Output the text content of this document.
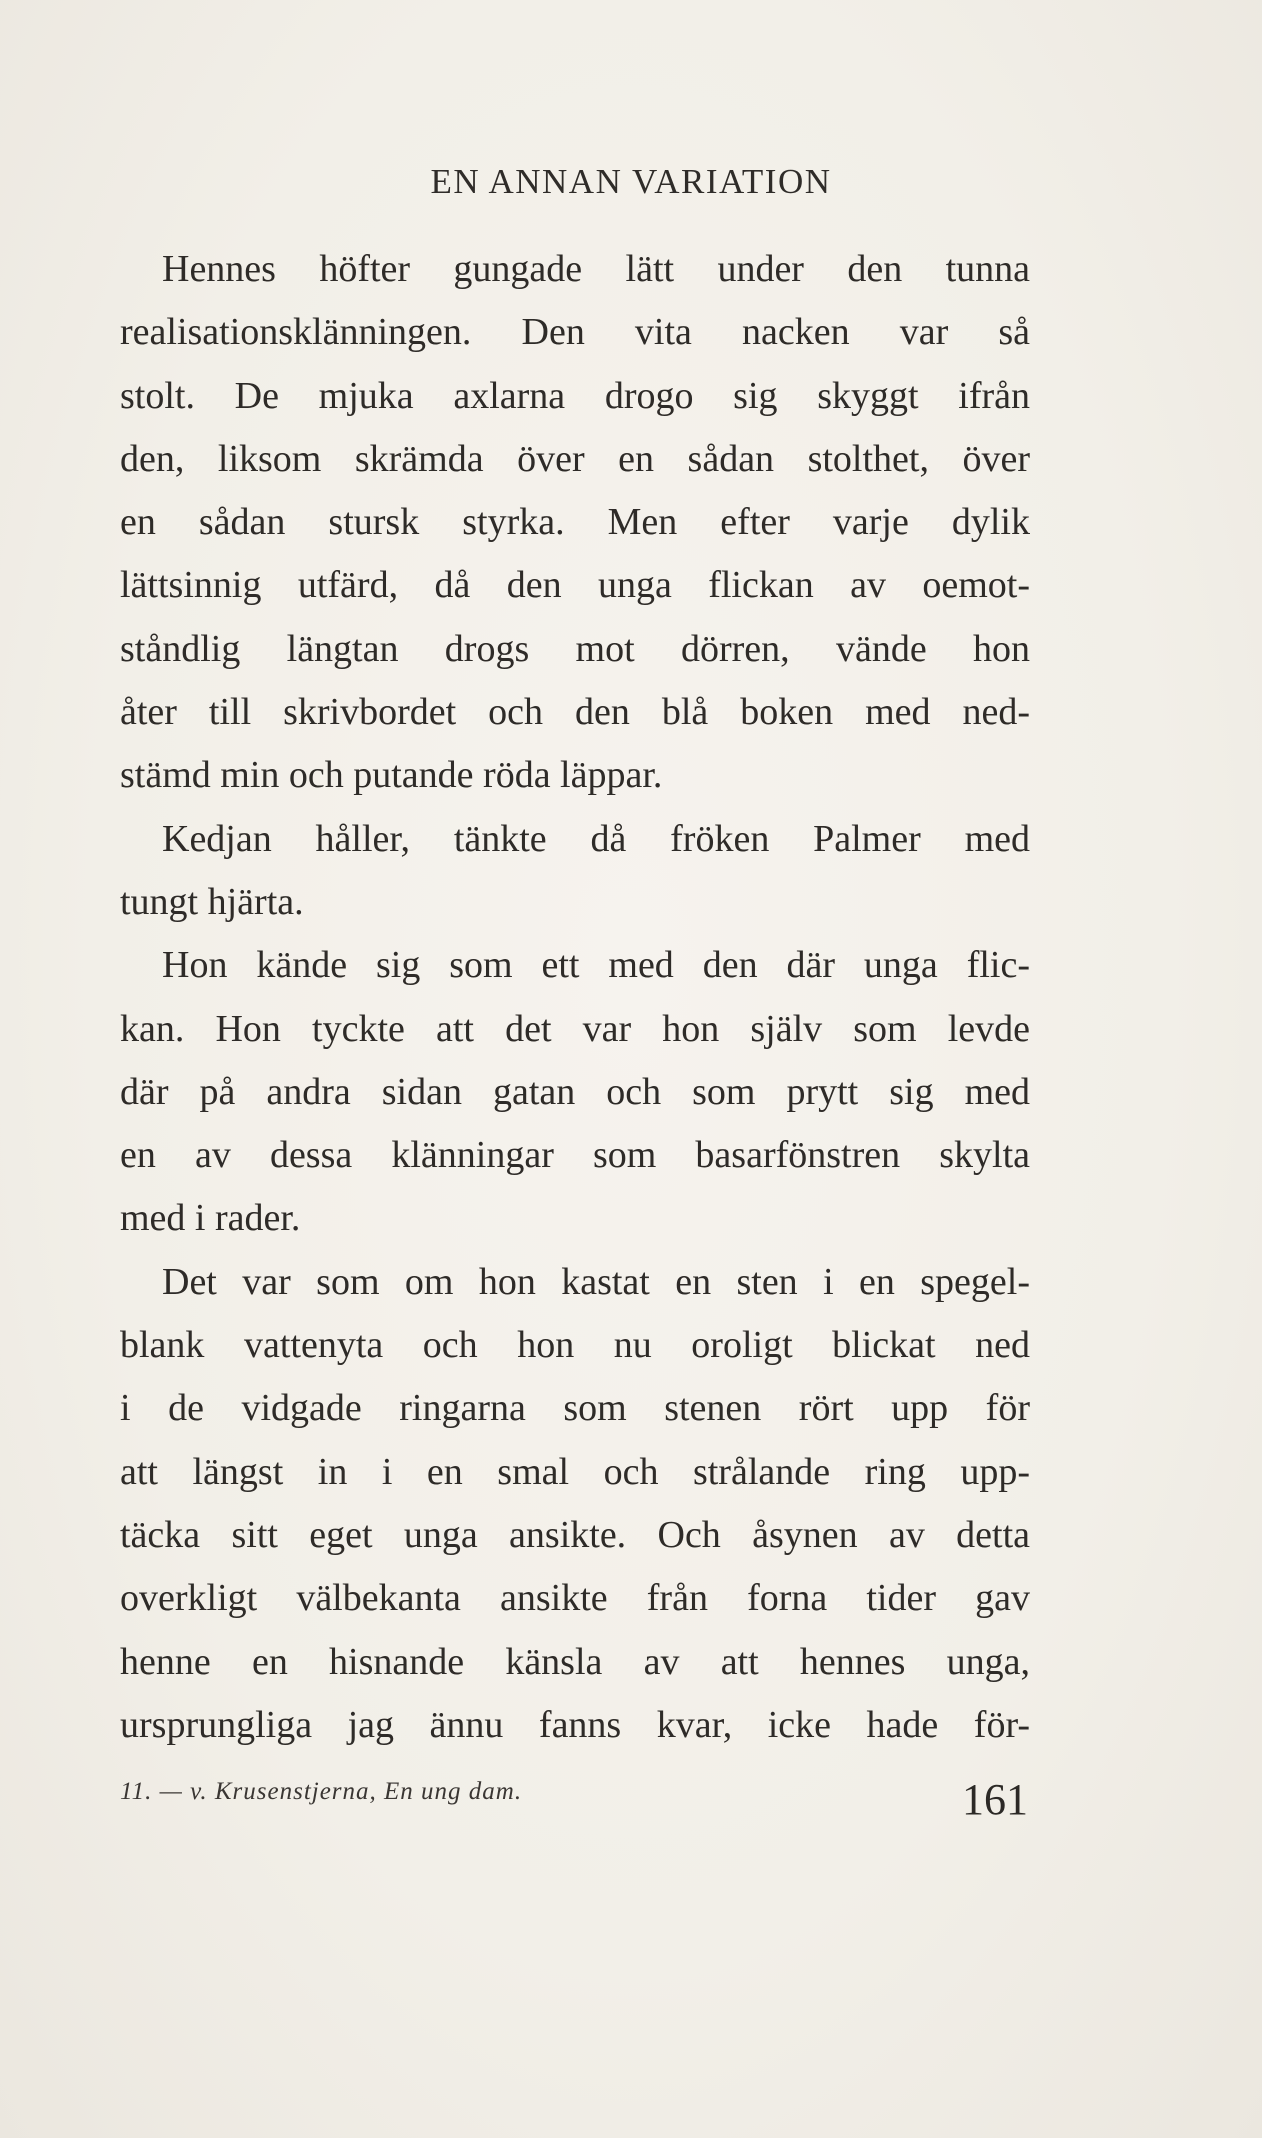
EN ANNAN VARIATION
Hennes höfter gungade lätt under den tunna
realisationsklänningen. Den vita nacken var så
stolt. De mjuka axlarna drogo sig skyggt ifrån
den, liksom skrämda över en sådan stolthet, över
en sådan stursk styrka. Men efter varje dylik
lättsinnig utfärd, då den unga flickan av oemot-
ståndlig längtan drogs mot dörren, vände hon
åter till skrivbordet och den blå boken med ned-
stämd min och putande röda läppar.
Kedjan håller, tänkte då fröken Palmer med
tungt hjärta.
Hon kände sig som ett med den där unga flic-
kan. Hon tyckte att det var hon själv som levde
där på andra sidan gatan och som prytt sig med
en av dessa klänningar som basarfönstren skylta
med i rader.
Det var som om hon kastat en sten i en spegel-
blank vattenyta och hon nu oroligt blickat ned
i de vidgade ringarna som stenen rört upp för
att längst in i en smal och strålande ring upp-
täcka sitt eget unga ansikte. Och åsynen av detta
overkligt välbekanta ansikte från forna tider gav
henne en hisnande känsla av att hennes unga,
ursprungliga jag ännu fanns kvar, icke hade för-
11. — v. Krusenstjerna, En ung dam.	161
